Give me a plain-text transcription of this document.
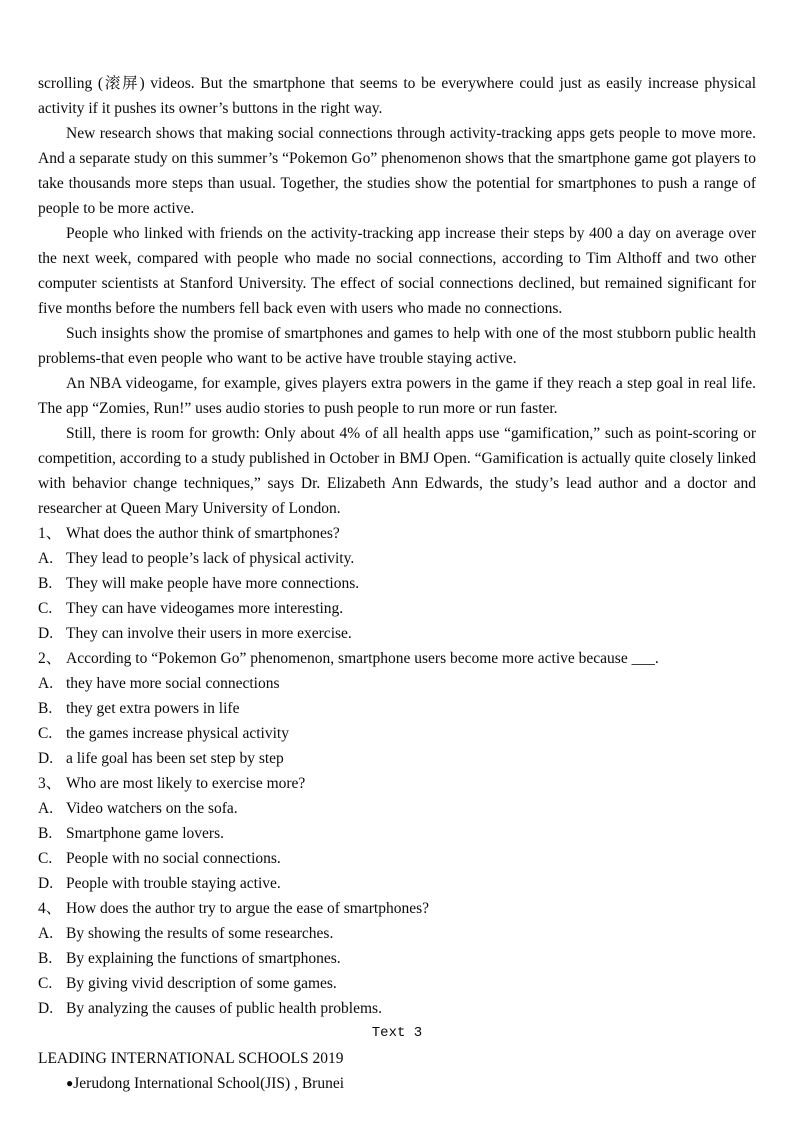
scrolling (滚屏) videos. But the smartphone that seems to be everywhere could just as easily increase physical activity if it pushes its owner’s buttons in the right way.

New research shows that making social connections through activity-tracking apps gets people to move more. And a separate study on this summer’s “Pokemon Go” phenomenon shows that the smartphone game got players to take thousands more steps than usual. Together, the studies show the potential for smartphones to push a range of people to be more active.

People who linked with friends on the activity-tracking app increase their steps by 400 a day on average over the next week, compared with people who made no social connections, according to Tim Althoff and two other computer scientists at Stanford University. The effect of social connections declined, but remained significant for five months before the numbers fell back even with users who made no connections.

Such insights show the promise of smartphones and games to help with one of the most stubborn public health problems-that even people who want to be active have trouble staying active.

An NBA videogame, for example, gives players extra powers in the game if they reach a step goal in real life. The app “Zomies, Run!” uses audio stories to push people to run more or run faster.

Still, there is room for growth: Only about 4% of all health apps use “gamification,” such as point-scoring or competition, according to a study published in October in BMJ Open. “Gamification is actually quite closely linked with behavior change techniques,” says Dr. Elizabeth Ann Edwards, the study’s lead author and a doctor and researcher at Queen Mary University of London.

1、 What does the author think of smartphones?
A. They lead to people’s lack of physical activity.
B. They will make people have more connections.
C. They can have videogames more interesting.
D. They can involve their users in more exercise.
2、 According to “Pokemon Go” phenomenon, smartphone users become more active because ___.
A. they have more social connections
B. they get extra powers in life
C. the games increase physical activity
D. a life goal has been set step by step
3、 Who are most likely to exercise more?
A. Video watchers on the sofa.
B. Smartphone game lovers.
C. People with no social connections.
D. People with trouble staying active.
4、 How does the author try to argue the ease of smartphones?
A. By showing the results of some researches.
B. By explaining the functions of smartphones.
C. By giving vivid description of some games.
D. By analyzing the causes of public health problems.
Text 3

LEADING INTERNATIONAL SCHOOLS 2019

●Jerudong International School(JIS) , Brunei
